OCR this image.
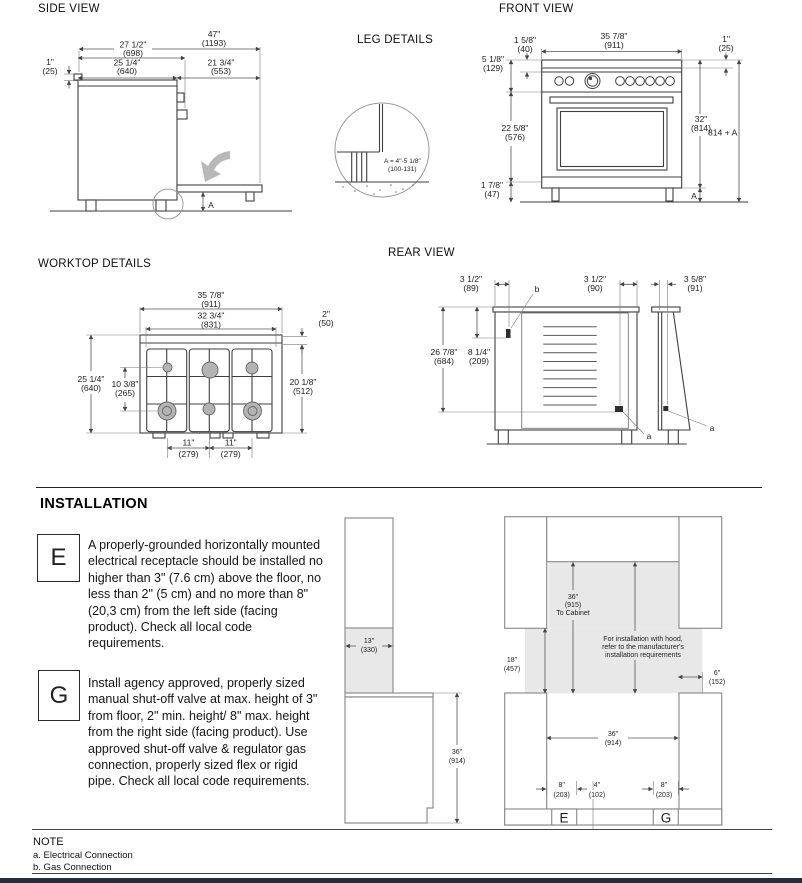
SIDE VIEW	FRONT VIEW
LEG DETAILS
WORKTOP DETAILS
REAR VIEW
47"
(1193)
27 1/2"
(698)
1"
(25)
25 1/4"
(640)
21 3/4"
(553)
A
A = 4"-5 1/8"
(100-131)
1 5/8"
(40)
35 7/8"
(911)
1"
(25)
5 1/8"
(129)
22 5/8"
(576)
32"
(814)
814 + A
1 7/8"
(47)	A
35 7/8"
(911)
32 3/4"
(831)
2"
(50)
20 1/8"
(512)
25 1/4"
(640) 10 3/8"
(265)
11"
(279)
11"
(279)
3 1/2"
(89)
3 1/2"
(90)
3 5/8"
(91)
26 7/8"
(684)
8 1/4"
(209)
b
a
a
INSTALLATION
E A properly-grounded horizontally mounted electrical receptacle should be installed no higher than 3" (7.6 cm) above the floor, no less than 2" (5 cm) and no more than 8" (20,3 cm) from the left side (facing product). Check all local code requirements.
G Install agency approved, properly sized manual shut-off valve at max. height of 3" from floor, 2" min. height/ 8" max. height from the right side (facing product). Use approved shut-off valve & regulator gas connection, properly sized flex or rigid pipe. Check all local code requirements.
13"
(330)
36"
(914)
E	G
36"
(915)
To Cabinet
For installation with hood,
refer to the manufacturer's
installation requirements
18"
(457)
6"
(152)
36"
(914)
8"
(203)
4"
(102)
8"
(203)
NOTE
a. Electrical Connection
b. Gas Connection
